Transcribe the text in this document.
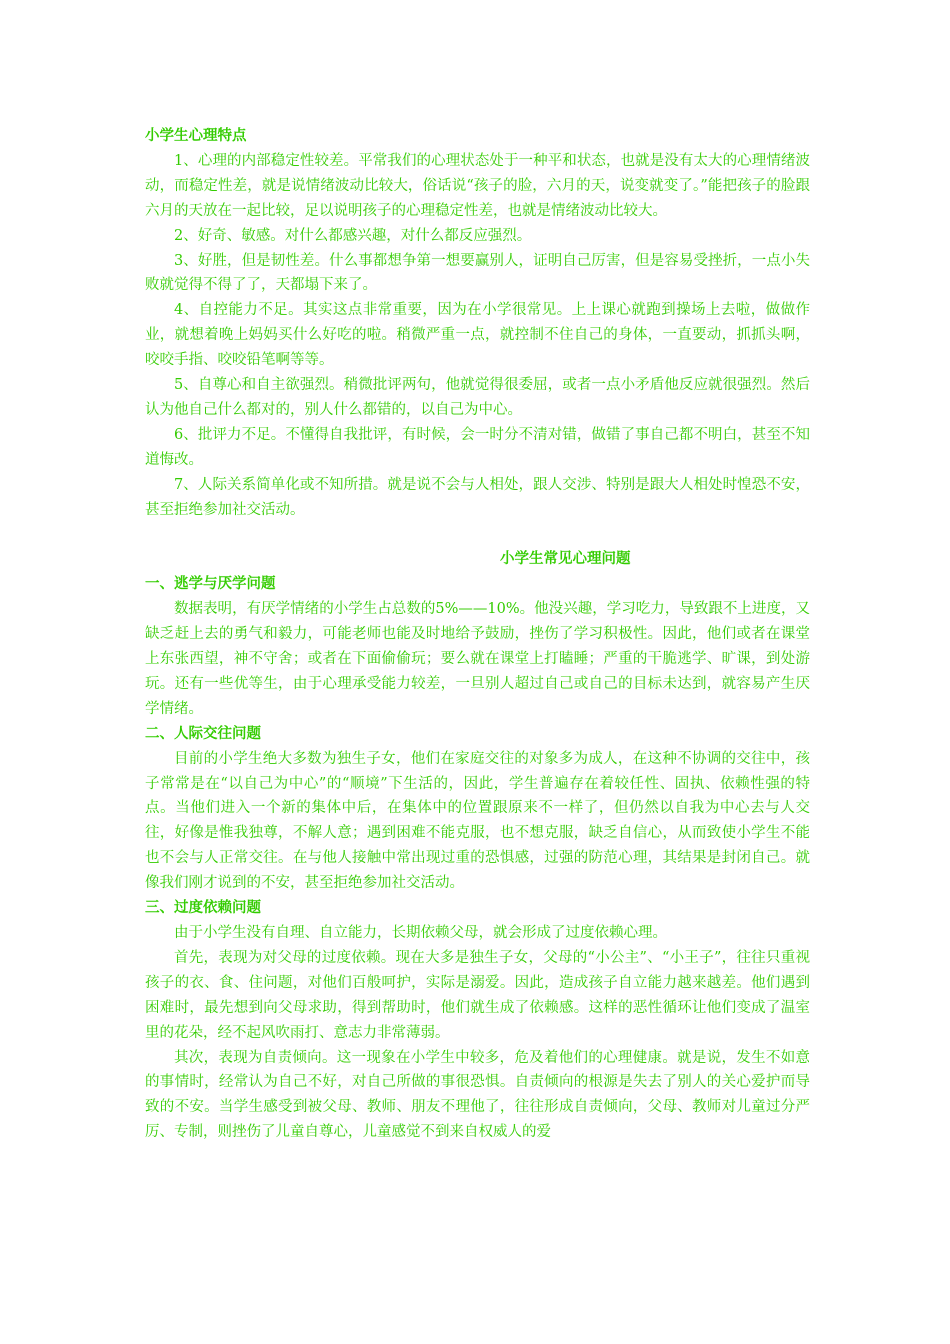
小学生心理特点

1、心理的内部稳定性较差。平常我们的心理状态处于一种平和状态，也就是没有太大的心理情绪波动，而稳定性差，就是说情绪波动比较大，俗话说“孩子的脸，六月的天，说变就变了。”能把孩子的脸跟六月的天放在一起比较，足以说明孩子的心理稳定性差，也就是情绪波动比较大。

2、好奇、敏感。对什么都感兴趣，对什么都反应强烈。

3、好胜，但是韧性差。什么事都想争第一想要赢别人，证明自己厉害，但是容易受挫折，一点小失败就觉得不得了了，天都塌下来了。

4、自控能力不足。其实这点非常重要，因为在小学很常见。上上课心就跑到操场上去啦，做做作业，就想着晚上妈妈买什么好吃的啦。稍微严重一点，就控制不住自己的身体，一直要动，抓抓头啊，咬咬手指、咬咬铅笔啊等等。

5、自尊心和自主欲强烈。稍微批评两句，他就觉得很委屈，或者一点小矛盾他反应就很强烈。然后认为他自己什么都对的，别人什么都错的，以自己为中心。

6、批评力不足。不懂得自我批评，有时候，会一时分不清对错，做错了事自己都不明白，甚至不知道悔改。

7、人际关系简单化或不知所措。就是说不会与人相处，跟人交涉、特别是跟大人相处时惶恐不安，甚至拒绝参加社交活动。

小学生常见心理问题

一、逃学与厌学问题

数据表明，有厌学情绪的小学生占总数的5%——10%。他没兴趣，学习吃力，导致跟不上进度，又缺乏赶上去的勇气和毅力，可能老师也能及时地给予鼓励，挫伤了学习积极性。因此，他们或者在课堂上东张西望，神不守舍；或者在下面偷偷玩；要么就在课堂上打瞌睡；严重的干脆逃学、旷课，到处游玩。还有一些优等生，由于心理承受能力较差，一旦别人超过自己或自己的目标未达到，就容易产生厌学情绪。

二、人际交往问题

目前的小学生绝大多数为独生子女，他们在家庭交往的对象多为成人，在这种不协调的交往中，孩子常常是在“以自己为中心”的“顺境”下生活的，因此，学生普遍存在着较任性、固执、依赖性强的特点。当他们进入一个新的集体中后，在集体中的位置跟原来不一样了，但仍然以自我为中心去与人交往，好像是惟我独尊，不解人意；遇到困难不能克服，也不想克服，缺乏自信心，从而致使小学生不能也不会与人正常交往。在与他人接触中常出现过重的恐惧感，过强的防范心理，其结果是封闭自己。就像我们刚才说到的不安，甚至拒绝参加社交活动。

三、过度依赖问题

由于小学生没有自理、自立能力，长期依赖父母，就会形成了过度依赖心理。

首先，表现为对父母的过度依赖。现在大多是独生子女，父母的“小公主”、“小王子”，往往只重视孩子的衣、食、住问题，对他们百般呵护，实际是溺爱。因此，造成孩子自立能力越来越差。他们遇到困难时，最先想到向父母求助，得到帮助时，他们就生成了依赖感。这样的恶性循环让他们变成了温室里的花朵，经不起风吹雨打、意志力非常薄弱。

其次，表现为自责倾向。这一现象在小学生中较多，危及着他们的心理健康。就是说，发生不如意的事情时，经常认为自己不好，对自己所做的事很恐惧。自责倾向的根源是失去了别人的关心爱护而导致的不安。当学生感受到被父母、教师、朋友不理他了，往往形成自责倾向，父母、教师对儿童过分严厉、专制，则挫伤了儿童自尊心，儿童感觉不到来自权威人的爱
